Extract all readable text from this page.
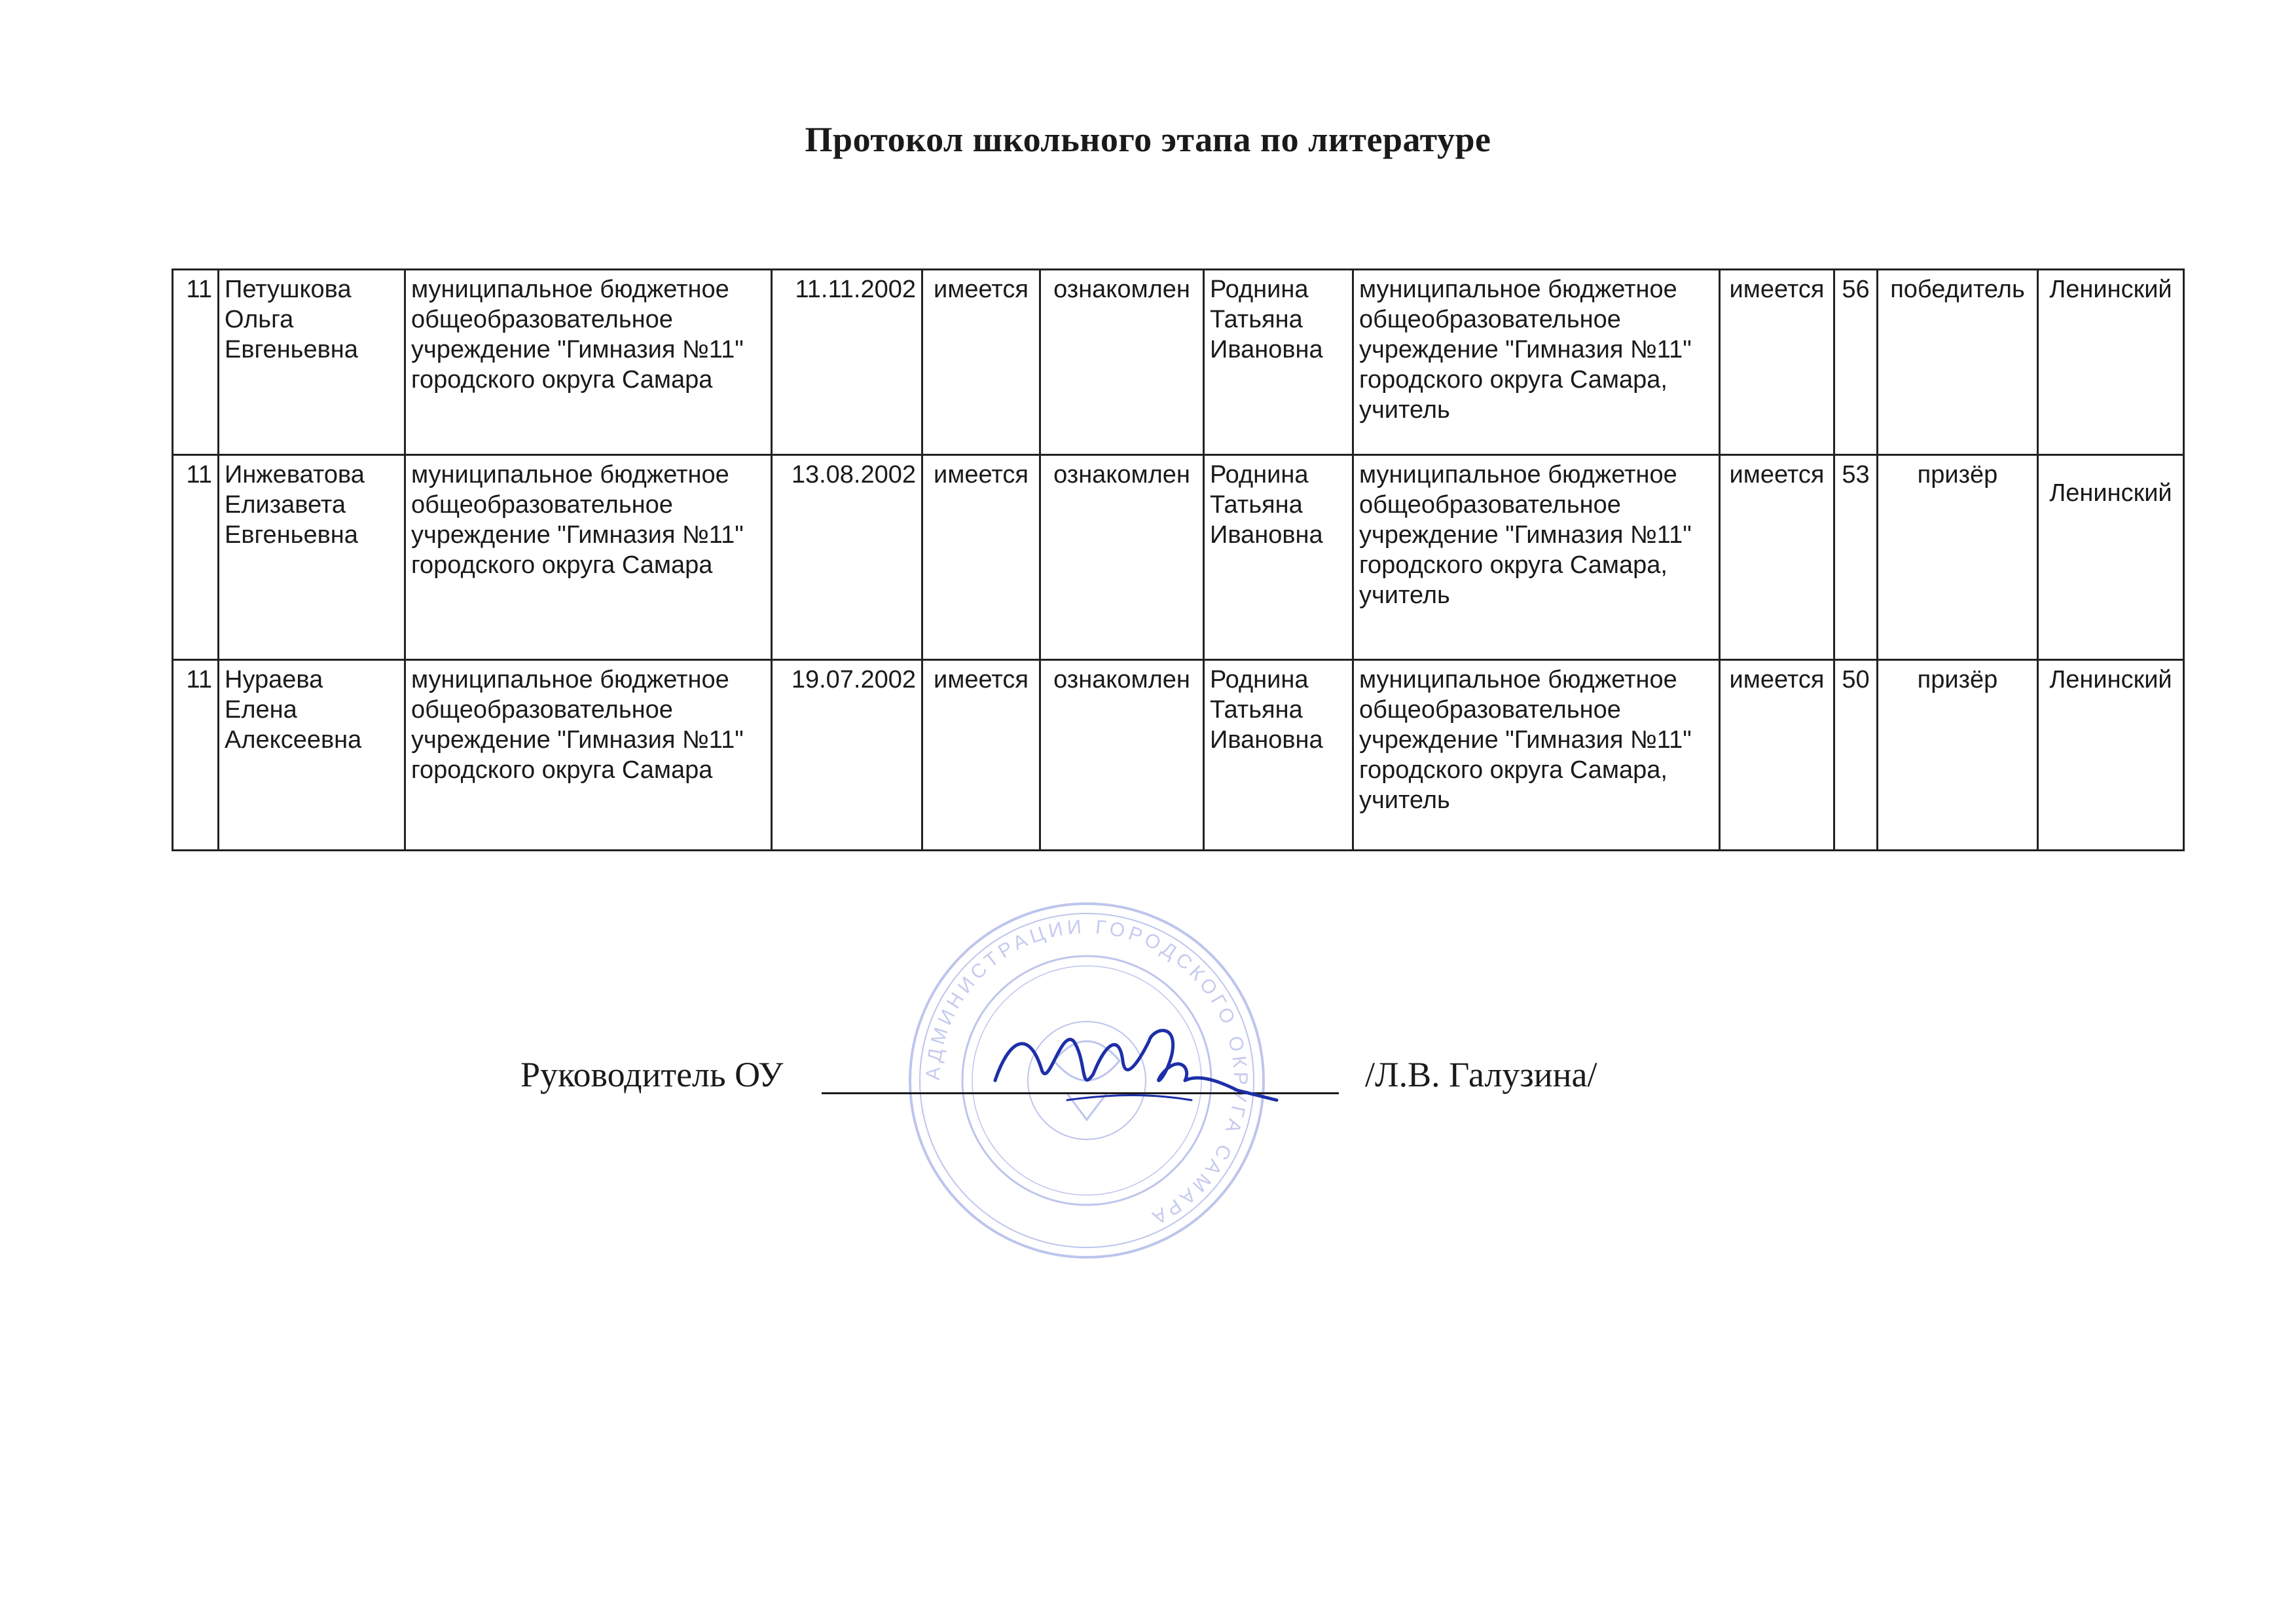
Протокол школьного этапа по литературе
11	Петушкова Ольга Евгеньевна	муниципальное бюджетное общеобразовательное учреждение "Гимназия №11" городского округа Самара	11.11.2002	имеется	ознакомлен	Роднина Татьяна Ивановна	муниципальное бюджетное общеобразовательное учреждение "Гимназия №11" городского округа Самара, учитель	имеется	56	победитель	Ленинский
11	Инжеватова Елизавета Евгеньевна	муниципальное бюджетное общеобразовательное учреждение "Гимназия №11" городского округа Самара	13.08.2002	имеется	ознакомлен	Роднина Татьяна Ивановна	муниципальное бюджетное общеобразовательное учреждение "Гимназия №11" городского округа Самара, учитель	имеется	53	призёр	Ленинский
11	Нураева Елена Алексеевна	муниципальное бюджетное общеобразовательное учреждение "Гимназия №11" городского округа Самара	19.07.2002	имеется	ознакомлен	Роднина Татьяна Ивановна	муниципальное бюджетное общеобразовательное учреждение "Гимназия №11" городского округа Самара, учитель	имеется	50	призёр	Ленинский
АДМИНИСТРАЦИИ ГОРОДСКОГО ОКРУГА САМАРА
Руководитель ОУ	/Л.В. Галузина/
